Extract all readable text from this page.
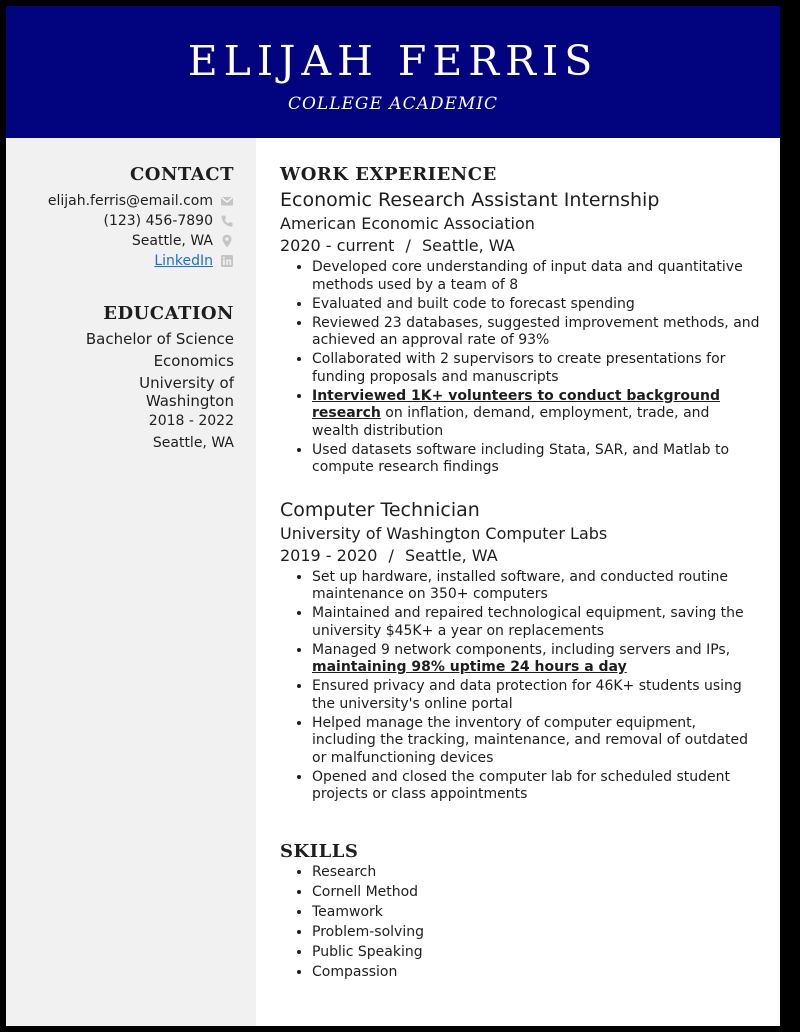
ELIJAH FERRIS
COLLEGE ACADEMIC
CONTACT
elijah.ferris@email.com
(123) 456-7890
Seattle, WA
LinkedIn
EDUCATION
Bachelor of Science
Economics
University of
Washington
2018 - 2022
Seattle, WA
WORK EXPERIENCE
Economic Research Assistant Internship
American Economic Association
2020 - current / Seattle, WA
• Developed core understanding of input data and quantitative methods used by a team of 8
• Evaluated and built code to forecast spending
• Reviewed 23 databases, suggested improvement methods, and achieved an approval rate of 93%
• Collaborated with 2 supervisors to create presentations for funding proposals and manuscripts
• Interviewed 1K+ volunteers to conduct background research on inflation, demand, employment, trade, and wealth distribution
• Used datasets software including Stata, SAR, and Matlab to compute research findings
Computer Technician
University of Washington Computer Labs
2019 - 2020 / Seattle, WA
• Set up hardware, installed software, and conducted routine maintenance on 350+ computers
• Maintained and repaired technological equipment, saving the university $45K+ a year on replacements
• Managed 9 network components, including servers and IPs, maintaining 98% uptime 24 hours a day
• Ensured privacy and data protection for 46K+ students using the university's online portal
• Helped manage the inventory of computer equipment, including the tracking, maintenance, and removal of outdated or malfunctioning devices
• Opened and closed the computer lab for scheduled student projects or class appointments
SKILLS
• Research
• Cornell Method
• Teamwork
• Problem-solving
• Public Speaking
• Compassion
